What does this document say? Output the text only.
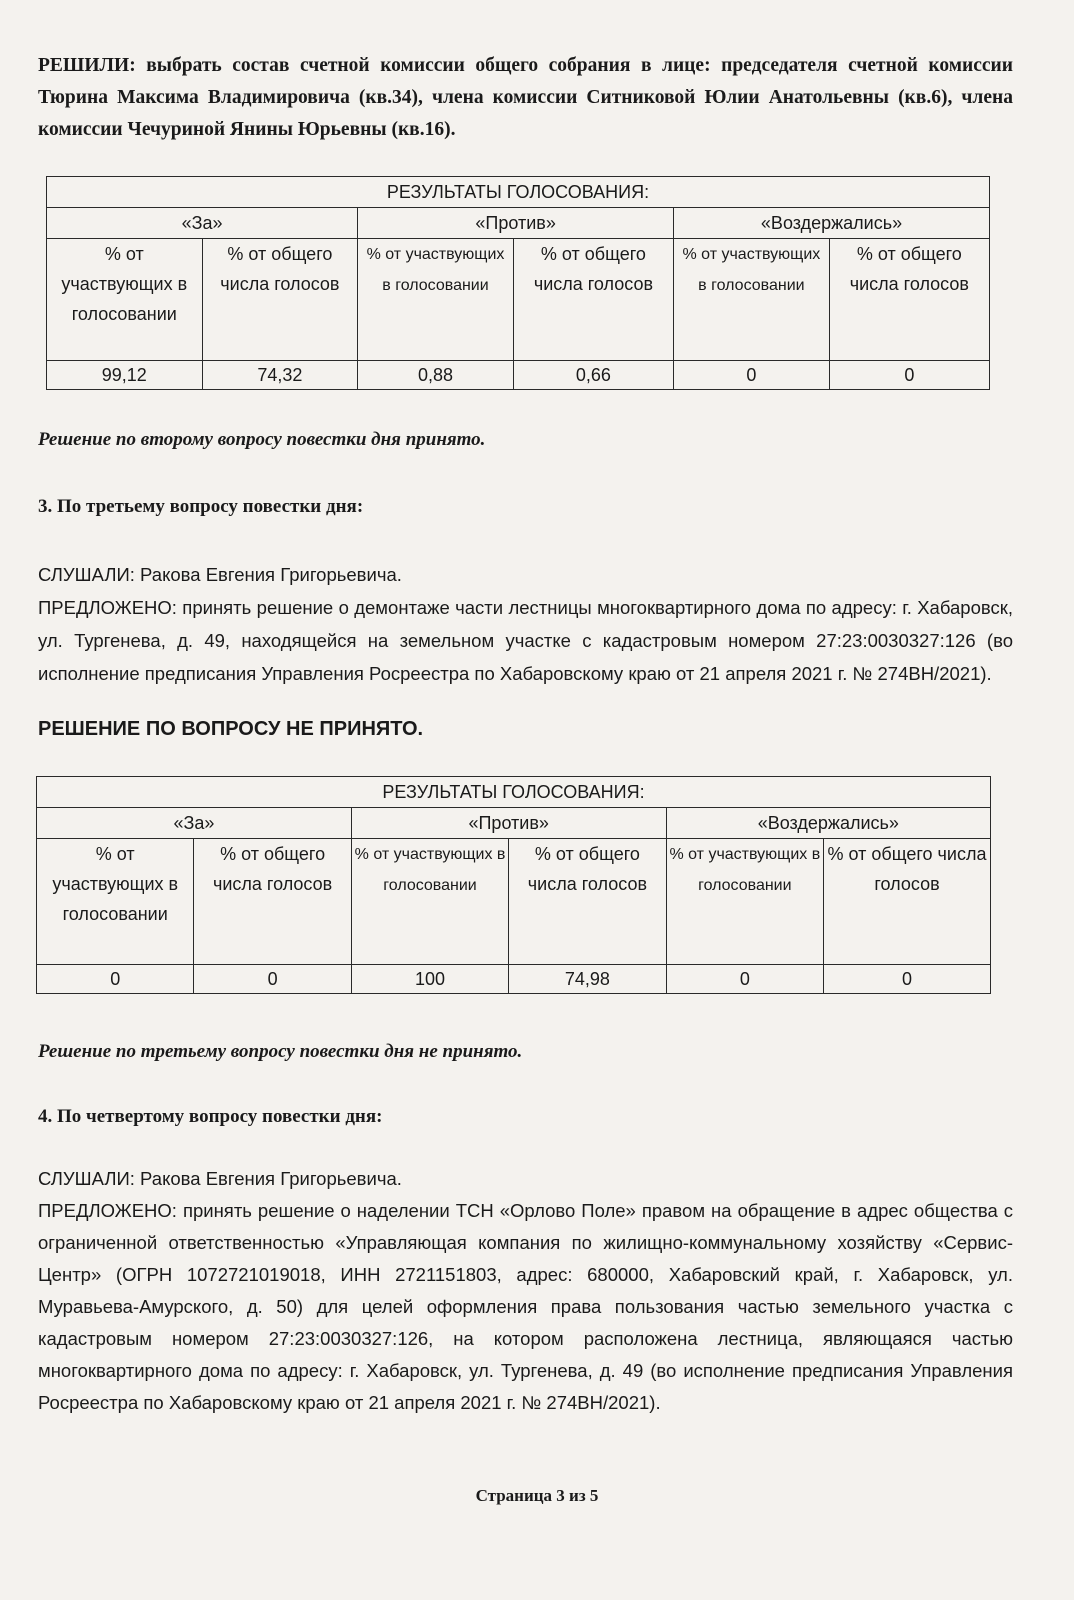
РЕШИЛИ: выбрать состав счетной комиссии общего собрания в лице: председателя счетной комиссии Тюрина Максима Владимировича (кв.34), члена комиссии Ситниковой Юлии Анатольевны (кв.6), члена комиссии Чечуриной Янины Юрьевны (кв.16).
РЕЗУЛЬТАТЫ ГОЛОСОВАНИЯ:					
«За»		«Против»		«Воздержались»	
% от участвующих в голосовании	% от общего числа голосов	% от участвующих в голосовании	% от общего числа голосов	% от участвующих в голосовании	% от общего числа голосов
99,12	74,32	0,88	0,66	0	0
Решение по второму вопросу повестки дня принято.
3. По третьему вопросу повестки дня:
СЛУШАЛИ: Ракова Евгения Григорьевича.
ПРЕДЛОЖЕНО: принять решение о демонтаже части лестницы многоквартирного дома по адресу: г. Хабаровск, ул. Тургенева, д. 49, находящейся на земельном участке с кадастровым номером 27:23:0030327:126 (во исполнение предписания Управления Росреестра по Хабаровскому краю от 21 апреля 2021 г. № 274ВН/2021).
РЕШЕНИЕ ПО ВОПРОСУ НЕ ПРИНЯТО.
РЕЗУЛЬТАТЫ ГОЛОСОВАНИЯ:					
«За»		«Против»		«Воздержались»	
% от участвующих в голосовании	% от общего числа голосов	% от участвующих в голосовании	% от общего числа голосов	% от участвующих в голосовании	% от общего числа голосов
0	0	100	74,98	0	0
Решение по третьему вопросу повестки дня не принято.
4. По четвертому вопросу повестки дня:
СЛУШАЛИ: Ракова Евгения Григорьевича.
ПРЕДЛОЖЕНО: принять решение о наделении ТСН «Орлово Поле» правом на обращение в адрес общества с ограниченной ответственностью «Управляющая компания по жилищно-коммунальному хозяйству «Сервис-Центр» (ОГРН 1072721019018, ИНН 2721151803, адрес: 680000, Хабаровский край, г. Хабаровск, ул. Муравьева-Амурского, д. 50) для целей оформления права пользования частью земельного участка с кадастровым номером 27:23:0030327:126, на котором расположена лестница, являющаяся частью многоквартирного дома по адресу: г. Хабаровск, ул. Тургенева, д. 49 (во исполнение предписания Управления Росреестра по Хабаровскому краю от 21 апреля 2021 г. № 274ВН/2021).
Страница 3 из 5
